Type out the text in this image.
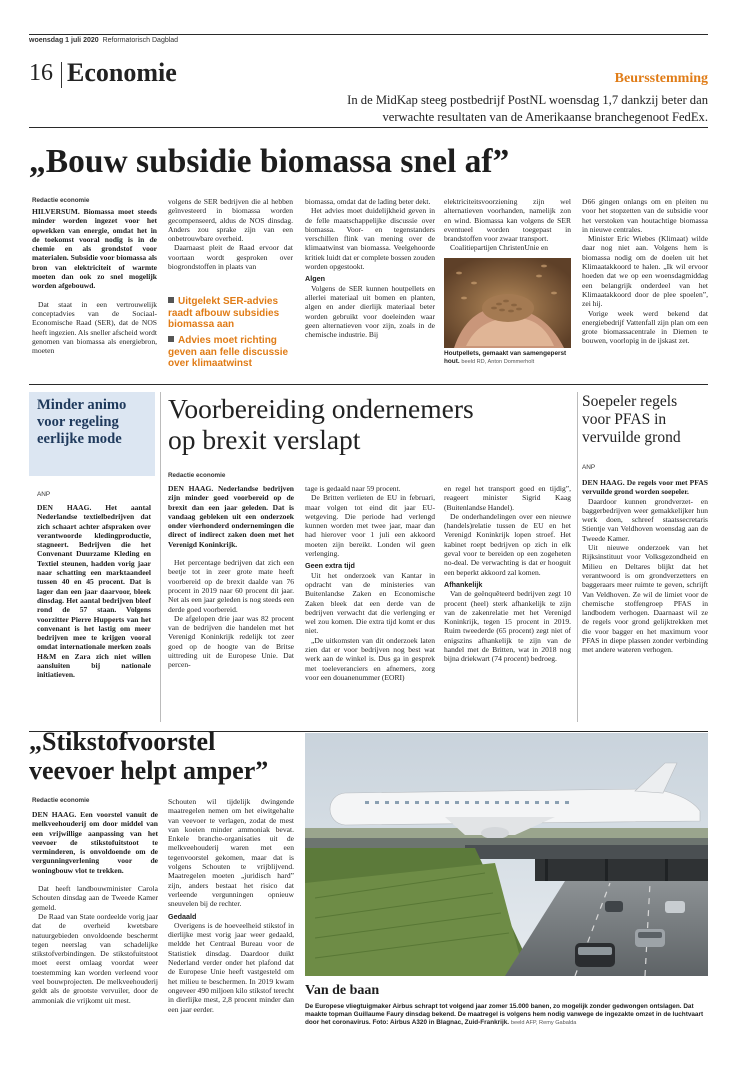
woensdag 1 juli 2020 Reformatorisch Dagblad
16 Economie	Beursstemming
In de MidKap steeg postbedrijf PostNL woensdag 1,7 dankzij beter dan verwachte resultaten van de Amerikaanse branchegenoot FedEx.
„Bouw subsidie biomassa snel af”
Redactie economie

HILVERSUM. Biomassa moet steeds minder worden ingezet voor het opwekken van energie, omdat het in de toekomst vooral nodig is in de chemie en als grondstof voor materialen. Subsidie voor biomassa als bron van elektriciteit of warmte moeten dan ook zo snel mogelijk worden afgebouwd.

Dat staat in een vertrouwelijk conceptadvies van de Sociaal-Economische Raad (SER), dat de NOS heeft ingezien. Als sneller afscheid wordt genomen van biomassa als energiebron, moeten

volgens de SER bedrijven die al hebben geïnvesteerd in biomassa worden gecompenseerd, aldus de NOS dinsdag. Anders zou sprake zijn van een onbetrouwbare overheid.

Daarnaast pleit de Raad ervoor dat voortaan wordt gesproken over biogrondstoffen in plaats van

Uitgelekt SER-advies raadt afbouw subsidies biomassa aan
Advies moet richting geven aan felle discussie over klimaatwinst

biomassa, omdat dat de lading beter dekt.

Het advies moet duidelijkheid geven in de felle maatschappelijke discussie over biomassa. Voor- en tegenstanders verschillen flink van mening over de klimaatwinst van biomassa. Veelgehoorde kritiek luidt dat er complete bossen zouden worden opgestookt.

Algen

Volgens de SER kunnen houtpellets en allerlei materiaal uit bomen en planten, algen en ander dierlijk materiaal beter worden gebruikt voor doeleinden waar geen alternatieven voor zijn, zoals in de chemische industrie. Bij

elektriciteitsvoorziening zijn wel alternatieven voorhanden, namelijk zon en wind. Biomassa kan volgens de SER eventueel worden toegepast in brandstoffen voor zwaar transport.

Coalitiepartijen ChristenUnie en

Houtpellets, gemaakt van samengeperst hout. beeld RD, Anton Dommerholt

D66 gingen onlangs om en pleiten nu voor het stopzetten van de subsidie voor het verstoken van houtachtige biomassa in nieuwe centrales.

Minister Eric Wiebes (Klimaat) wilde daar nog niet aan. Volgens hem is biomassa nodig om de doelen uit het Klimaatakkoord te halen. „Ik wil ervoor hoeden dat we op een woensdagmiddag een belangrijk onderdeel van het Klimaatakkoord door de plee spoelen”, zei hij.

Vorige week werd bekend dat energiebedrijf Vattenfall zijn plan om een grote biomassacentrale in Diemen te bouwen, voorlopig in de ijskast zet.

Minder animo voor regeling eerlijke mode
ANP

DEN HAAG. Het aantal Nederlandse textielbedrijven dat zich schaart achter afspraken over verantwoorde kledingproductie, stagneert. Bedrijven die het Convenant Duurzame Kleding en Textiel steunen, hadden vorig jaar naar schatting een marktaandeel tussen 40 en 45 procent. Dat is lager dan een jaar daarvoor, bleek dinsdag. Het aantal bedrijven bleef rond de 57 staan. Volgens voorzitter Pierre Hupperts van het convenant is het lastig om meer bedrijven mee te krijgen vooral omdat internationale merken zoals H&M en Zara zich niet willen aansluiten bij nationale initiatieven.

Voorbereiding ondernemers
op brexit verslapt
Redactie economie

DEN HAAG. Nederlandse bedrijven zijn minder goed voorbereid op de brexit dan een jaar geleden. Dat is vandaag gebleken uit een onderzoek onder vierhonderd ondernemingen die direct of indirect zaken doen met het Verenigd Koninkrijk.

Het percentage bedrijven dat zich een beetje tot in zeer grote mate heeft voorbereid op de brexit daalde van 76 procent in 2019 naar 60 procent dit jaar. Net als een jaar geleden is nog steeds een derde goed voorbereid.

De afgelopen drie jaar was 82 procent van de bedrijven die handelen met het Verenigd Koninkrijk redelijk tot zeer goed op de hoogte van de Britse uittreding uit de Europese Unie. Dat percen-

tage is gedaald naar 59 procent.

De Britten verlieten de EU in februari, maar volgen tot eind dit jaar EU-wetgeving. Die periode had verlengd kunnen worden met twee jaar, maar dan had hierover voor 1 juli een akkoord moeten zijn bereikt. Londen wil geen verlenging.

Geen extra tijd

Uit het onderzoek van Kantar in opdracht van de ministeries van Buitenlandse Zaken en Economische Zaken bleek dat een derde van de bedrijven verwacht dat die verlenging er wel zou komen. Die extra tijd komt er dus niet.

„De uitkomsten van dit onderzoek laten zien dat er voor bedrijven nog best wat werk aan de winkel is. Dus ga in gesprek met toeleveranciers en afnemers, zorg voor een douanenummer (EORI)

en regel het transport goed en tijdig”, reageert minister Sigrid Kaag (Buitenlandse Handel).

De onderhandelingen over een nieuwe (handels)relatie tussen de EU en het Verenigd Koninkrijk lopen stroef. Het kabinet roept bedrijven op zich in elk geval voor te bereiden op een zogeheten no-deal. De verwachting is dat er hooguit een beperkt akkoord zal komen.

Afhankelijk

Van de geënquêteerd bedrijven zegt 10 procent (heel) sterk afhankelijk te zijn van de zakenrelatie met het Verenigd Koninkrijk, tegen 15 procent in 2019. Ruim tweederde (65 procent) zegt niet of enigszins afhankelijk te zijn van de handel met de Britten, wat in 2018 nog bijna driekwart (74 procent) bedroeg.

Soepeler regels voor PFAS in vervuilde grond
ANP

DEN HAAG. De regels voor met PFAS vervuilde grond worden soepeler.

Daardoor kunnen grondverzet- en baggerbedrijven weer gemakkelijker hun werk doen, schreef staatssecretaris Stientje van Veldhoven woensdag aan de Tweede Kamer.

Uit nieuwe onderzoek van het Rijksinstituut voor Volksgezondheid en Milieu en Deltares blijkt dat het verantwoord is om grondverzetters en baggeraars meer ruimte te geven, schrijft Van Veldhoven. Ze wil de limiet voor de chemische stoffengroep PFAS in landbodem verhogen. Daarnaast wil ze de regels voor grond gelijktrekken met die voor bagger en het maximum voor PFAS in diepe plassen zonder verbinding met andere wateren verhogen.

„Stikstofvoorstel
veevoer helpt amper”
Redactie economie

DEN HAAG. Een voorstel vanuit de melkveehouderij om door middel van een vrijwillige aanpassing van het veevoer de stikstofuitstoot te verminderen, is onvoldoende om de vergunningverlening voor de woningbouw vlot te trekken.

Dat heeft landbouwminister Carola Schouten dinsdag aan de Tweede Kamer gemeld.

De Raad van State oordeelde vorig jaar dat de overheid kwetsbare natuurgebieden onvoldoende beschermt tegen neerslag van schadelijke stikstofverbindingen. De stikstofuitstoot moet eerst omlaag voordat weer toestemming kan worden verleend voor veel bouwprojecten. De melkveehouderij geldt als de grootste vervuiler, door de ammoniak die vrijkomt uit mest.

Schouten wil tijdelijk dwingende maatregelen nemen om het eiwitgehalte van veevoer te verlagen, zodat de mest van koeien minder ammoniak bevat. Enkele branche-organisaties uit de melkveehouderij waren met een tegenvoorstel gekomen, maar dat is volgens Schouten te vrijblijvend. Maatregelen moeten „juridisch hard” zijn, anders bestaat het risico dat verleende vergunningen opnieuw sneuvelen bij de rechter.

Gedaald

Overigens is de hoeveelheid stikstof in dierlijke mest vorig jaar weer gedaald, meldde het Centraal Bureau voor de Statistiek dinsdag. Daardoor duikt Nederland verder onder het plafond dat de Europese Unie heeft vastgesteld om het milieu te beschermen. In 2019 kwam ongeveer 490 miljoen kilo stikstof terecht in dierlijke mest, 2,8 procent minder dan een jaar eerder.

Van de baan
De Europese vliegtuigmaker Airbus schrapt tot volgend jaar zomer 15.000 banen, zo mogelijk zonder gedwongen ontslagen. Dat maakte topman Guillaume Faury dinsdag bekend. De maatregel is volgens hem nodig vanwege de ingezakte omzet in de luchtvaart door het coronavirus. Foto: Airbus A320 in Blagnac, Zuid-Frankrijk. beeld AFP, Remy Gabalda
